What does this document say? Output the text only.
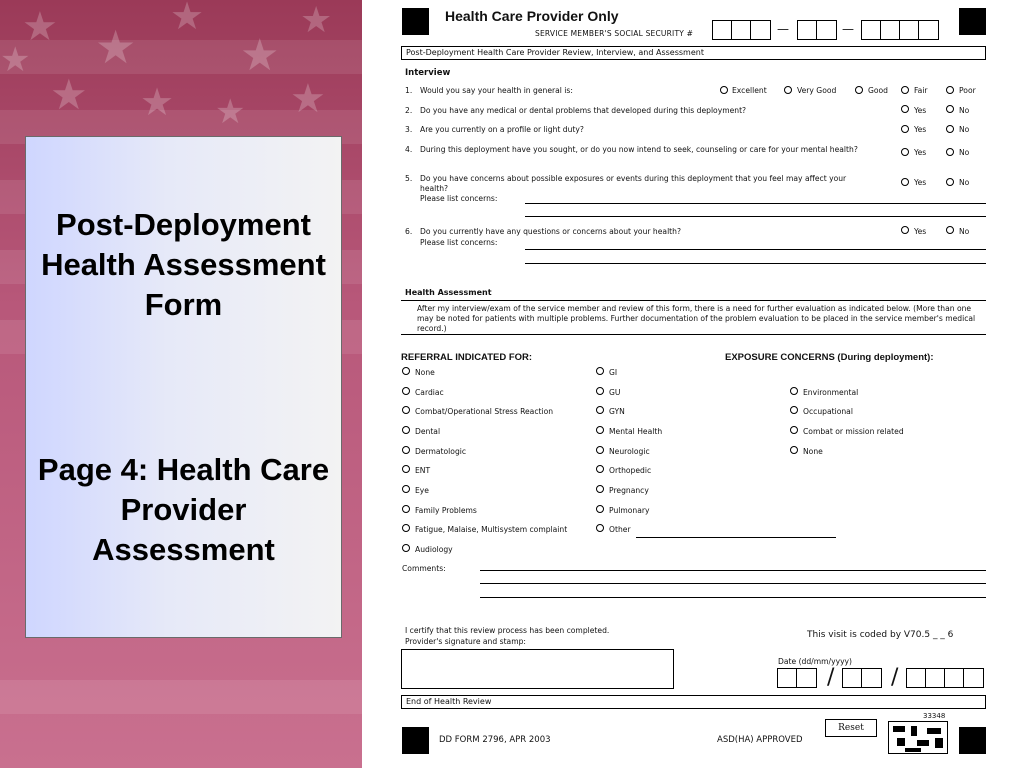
★ ★
★
★
★
★ ★ ★ ★
★
Post-Deployment Health Assessment Form
Page 4: Health Care Provider Assessment
Health Care Provider Only
SERVICE MEMBER'S SOCIAL SECURITY #	—	—
Post-Deployment Health Care Provider Review, Interview, and Assessment
Interview
1. Would you say your health in general is:	Excellent	Very Good	Good	Fair	Poor
2. Do you have any medical or dental problems that developed during this deployment?	Yes	No
3. Are you currently on a profile or light duty?	Yes	No
4. During this deployment have you sought, or do you now intend to seek, counseling or care for your mental health?	Yes	No
5. Do you have concerns about possible exposures or events during this deployment that you feel may affect your health?
Please list concerns:
Yes	No
6. Do you currently have any questions or concerns about your health?
Please list concerns:
Yes	No
Health Assessment
After my interview/exam of the service member and review of this form, there is a need for further evaluation as indicated below. (More than one may be noted for patients with multiple problems. Further documentation of the problem evaluation to be placed in the service member's medical record.)
REFERRAL INDICATED FOR:	EXPOSURE CONCERNS (During deployment):
None
Cardiac
Combat/Operational Stress Reaction
Dental
Dermatologic
ENT
Eye
Family Problems
Fatigue, Malaise, Multisystem complaint
Audiology
GI
GU
GYN
Mental Health
Neurologic
Orthopedic
Pregnancy
Pulmonary
Other
Environmental
Occupational
Combat or mission related
None
Comments:
I certify that this review process has been completed.
Provider's signature and stamp:
This visit is coded by V70.5 _ _ 6
Date (dd/mm/yyyy)
/	/
End of Health Review
DD FORM 2796, APR 2003	ASD(HA) APPROVED
Reset
33348
